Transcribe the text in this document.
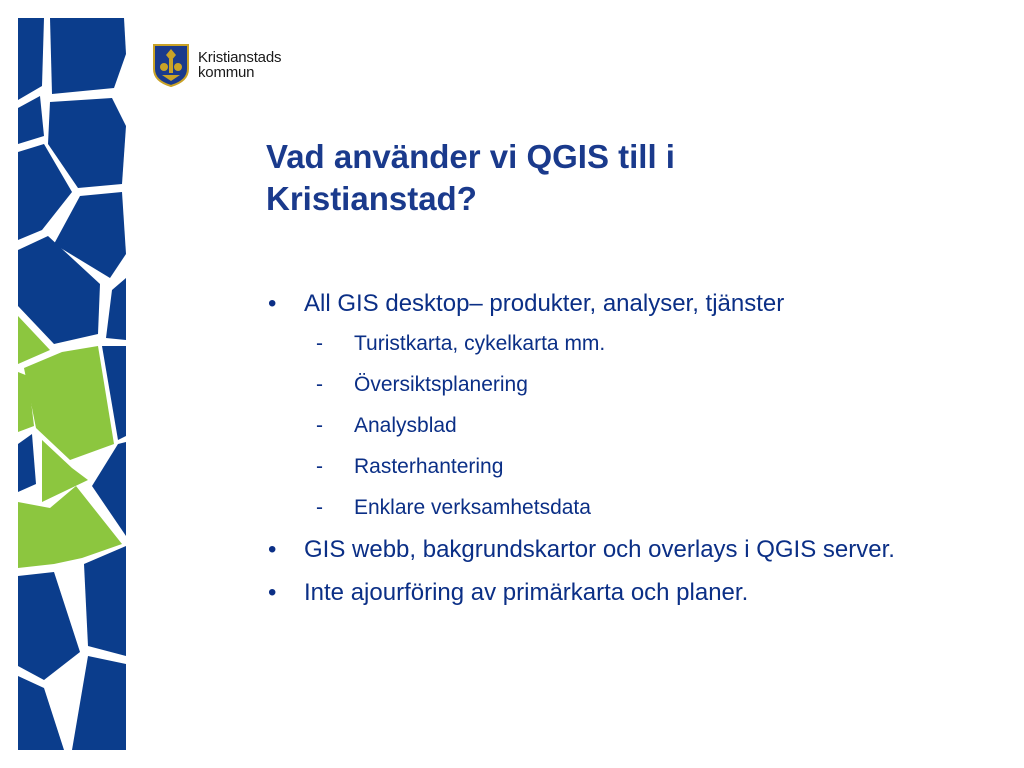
Kristianstads
kommun
Vad använder vi QGIS till i Kristianstad?
•	All GIS desktop– produkter, analyser, tjänster
-	Turistkarta, cykelkarta mm.
-	Översiktsplanering
-	Analysblad
-	Rasterhantering
-	Enklare verksamhetsdata
•	GIS webb, bakgrundskartor och overlays i QGIS server.
•	Inte ajourföring av primärkarta och planer.
